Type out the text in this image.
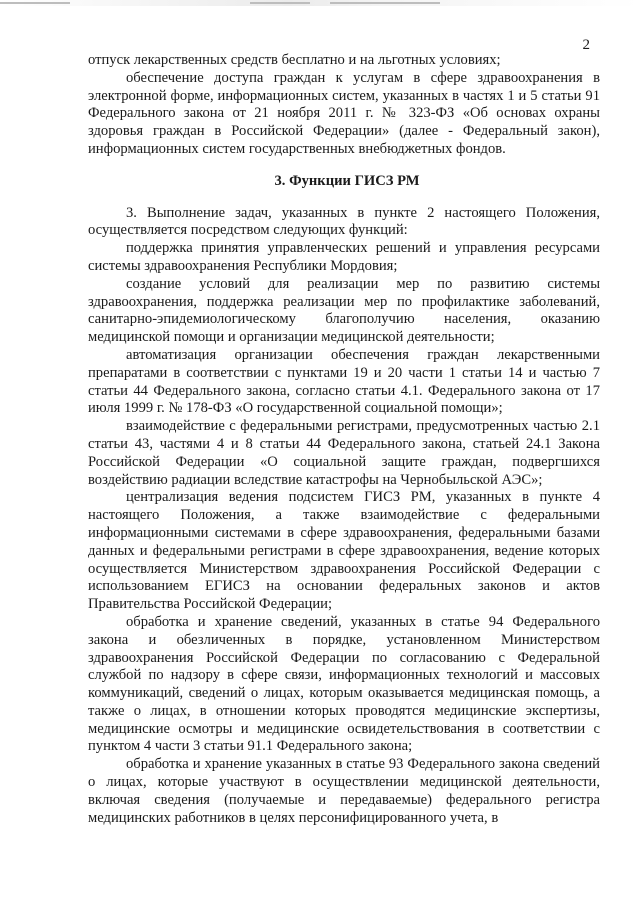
2

отпуск лекарственных средств бесплатно и на льготных условиях;

обеспечение доступа граждан к услугам в сфере здравоохранения в электронной форме, информационных систем, указанных в частях 1 и 5 статьи 91 Федерального закона от 21 ноября 2011 г. № 323-ФЗ «Об основах охраны здоровья граждан в Российской Федерации» (далее - Федеральный закон), информационных систем государственных внебюджетных фондов.

3. Функции ГИСЗ РМ

3. Выполнение задач, указанных в пункте 2 настоящего Положения, осуществляется посредством следующих функций:

поддержка принятия управленческих решений и управления ресурсами системы здравоохранения Республики Мордовия;

создание условий для реализации мер по развитию системы здравоохранения, поддержка реализации мер по профилактике заболеваний, санитарно-эпидемиологическому благополучию населения, оказанию медицинской помощи и организации медицинской деятельности;

автоматизация организации обеспечения граждан лекарственными препаратами в соответствии с пунктами 19 и 20 части 1 статьи 14 и частью 7 статьи 44 Федерального закона, согласно статьи 4.1. Федерального закона от 17 июля 1999 г. № 178-ФЗ «О государственной социальной помощи»;

взаимодействие с федеральными регистрами, предусмотренных частью 2.1 статьи 43, частями 4 и 8 статьи 44 Федерального закона, статьей 24.1 Закона Российской Федерации «О социальной защите граждан, подвергшихся воздействию радиации вследствие катастрофы на Чернобыльской АЭС»;

централизация ведения подсистем ГИСЗ РМ, указанных в пункте 4 настоящего Положения, а также взаимодействие с федеральными информационными системами в сфере здравоохранения, федеральными базами данных и федеральными регистрами в сфере здравоохранения, ведение которых осуществляется Министерством здравоохранения Российской Федерации с использованием ЕГИСЗ на основании федеральных законов и актов Правительства Российской Федерации;

обработка и хранение сведений, указанных в статье 94 Федерального закона и обезличенных в порядке, установленном Министерством здравоохранения Российской Федерации по согласованию с Федеральной службой по надзору в сфере связи, информационных технологий и массовых коммуникаций, сведений о лицах, которым оказывается медицинская помощь, а также о лицах, в отношении которых проводятся медицинские экспертизы, медицинские осмотры и медицинские освидетельствования в соответствии с пунктом 4 части 3 статьи 91.1 Федерального закона;

обработка и хранение указанных в статье 93 Федерального закона сведений о лицах, которые участвуют в осуществлении медицинской деятельности, включая сведения (получаемые и передаваемые) федерального регистра медицинских работников в целях персонифицированного учета, в
